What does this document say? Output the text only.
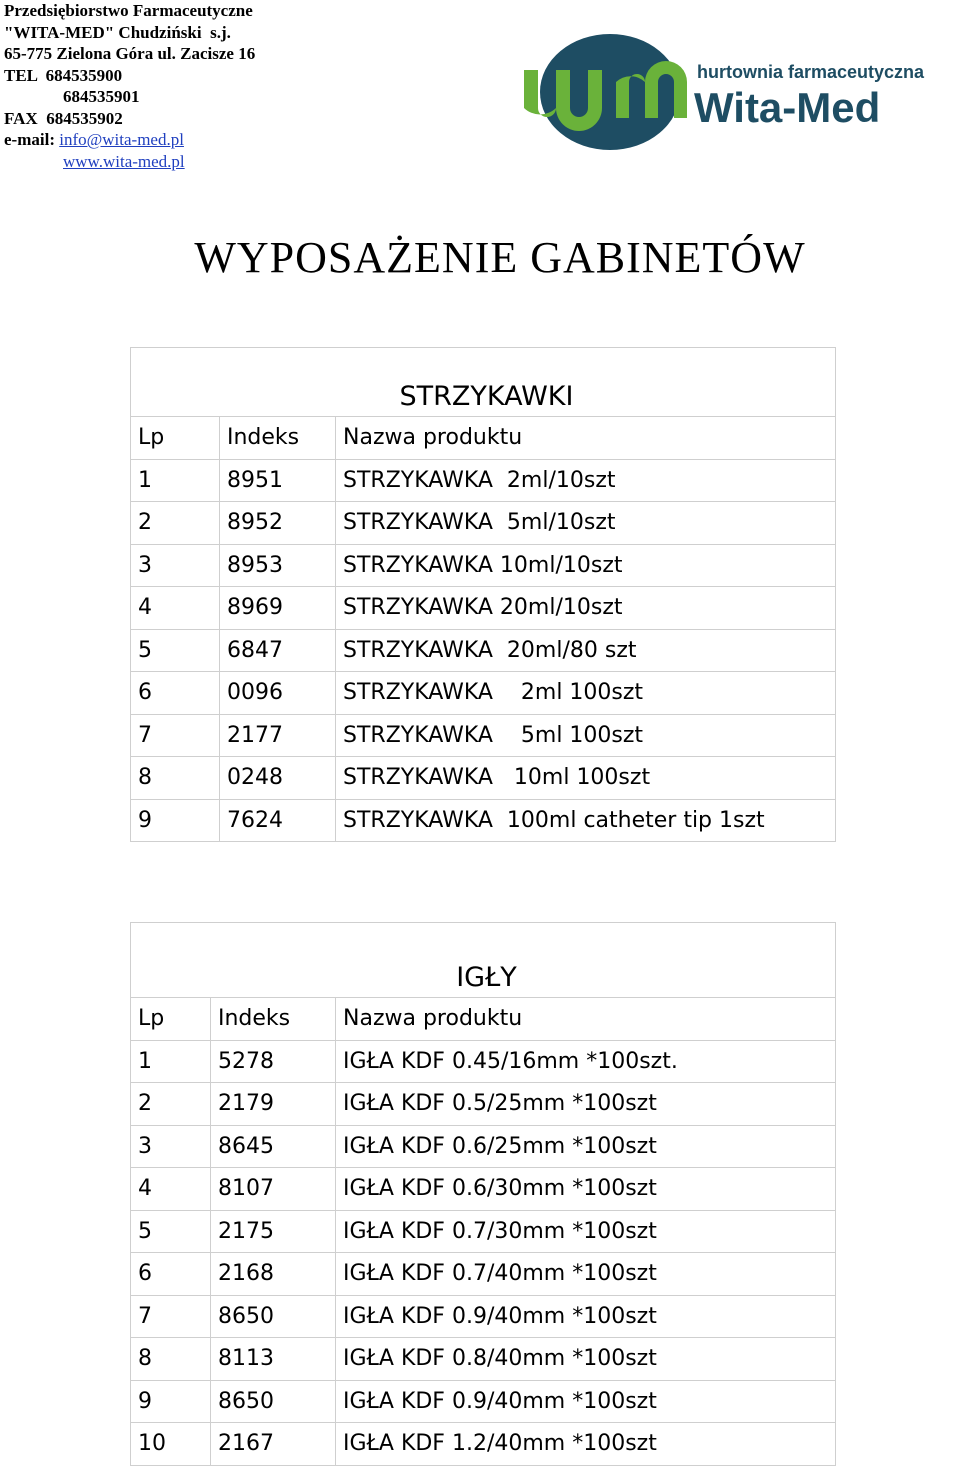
Przedsiębiorstwo Farmaceutyczne
"WITA-MED" Chudziński  s.j.
65-775 Zielona Góra ul. Zacisze 16
TEL 684535900
684535901
FAX 684535902
e-mail: info@wita-med.pl
www.wita-med.pl
hurtownia farmaceutyczna
Wita-Med
WYPOSAŻENIE GABINETÓW
STRZYKAWKI		
Lp	Indeks	Nazwa produktu
1	8951	STRZYKAWKA  2ml/10szt
2	8952	STRZYKAWKA  5ml/10szt
3	8953	STRZYKAWKA 10ml/10szt
4	8969	STRZYKAWKA 20ml/10szt
5	6847	STRZYKAWKA  20ml/80 szt
6	0096	STRZYKAWKA    2ml 100szt
7	2177	STRZYKAWKA    5ml 100szt
8	0248	STRZYKAWKA   10ml 100szt
9	7624	STRZYKAWKA  100ml catheter tip 1szt
IGŁY		
Lp	Indeks	Nazwa produktu
1	5278	IGŁA KDF 0.45/16mm *100szt.
2	2179	IGŁA KDF 0.5/25mm *100szt
3	8645	IGŁA KDF 0.6/25mm *100szt
4	8107	IGŁA KDF 0.6/30mm *100szt
5	2175	IGŁA KDF 0.7/30mm *100szt
6	2168	IGŁA KDF 0.7/40mm *100szt
7	8650	IGŁA KDF 0.9/40mm *100szt
8	8113	IGŁA KDF 0.8/40mm *100szt
9	8650	IGŁA KDF 0.9/40mm *100szt
10	2167	IGŁA KDF 1.2/40mm *100szt
